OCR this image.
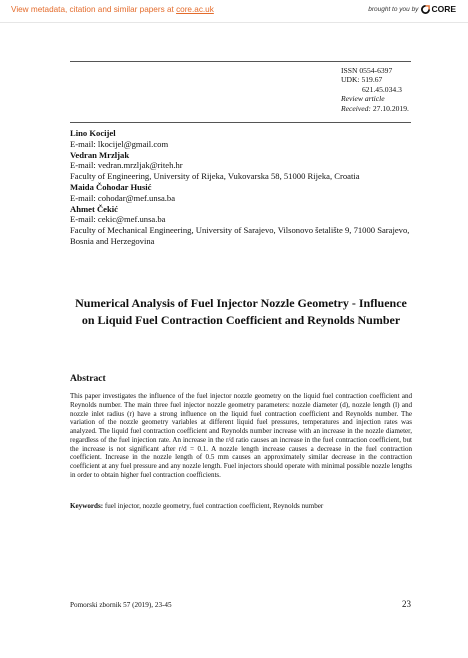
View metadata, citation and similar papers at core.ac.uk	brought to you by CORE
ISSN 0554-6397
UDK: 519.67
621.45.034.3
Review article
Received: 27.10.2019.
Lino Kocijel
E-mail: lkocijel@gmail.com
Vedran Mrzljak
E-mail: vedran.mrzljak@riteh.hr
Faculty of Engineering, University of Rijeka, Vukovarska 58, 51000 Rijeka, Croatia
Maida Čohodar Husić
E-mail: cohodar@mef.unsa.ba
Ahmet Čekić
E-mail: cekic@mef.unsa.ba
Faculty of Mechanical Engineering, University of Sarajevo, Vilsonovo šetalište 9, 71000 Sarajevo, Bosnia and Herzegovina
Numerical Analysis of Fuel Injector Nozzle Geometry - Influence on Liquid Fuel Contraction Coefficient and Reynolds Number
Abstract
This paper investigates the influence of the fuel injector nozzle geometry on the liquid fuel contraction coefficient and Reynolds number. The main three fuel injector nozzle geometry parameters: nozzle diameter (d), nozzle length (l) and nozzle inlet radius (r) have a strong influence on the liquid fuel contraction coefficient and Reynolds number. The variation of the nozzle geometry variables at different liquid fuel pressures, temperatures and injection rates was analyzed. The liquid fuel contraction coefficient and Reynolds number increase with an increase in the nozzle diameter, regardless of the fuel injection rate. An increase in the r/d ratio causes an increase in the fuel contraction coefficient, but the increase is not significant after r/d = 0.1. A nozzle length increase causes a decrease in the fuel contraction coefficient. Increase in the nozzle length of 0.5 mm causes an approximately similar decrease in the contraction coefficient at any fuel pressure and any nozzle length. Fuel injectors should operate with minimal possible nozzle lengths in order to obtain higher fuel contraction coefficients.
Keywords: fuel injector, nozzle geometry, fuel contraction coefficient, Reynolds number
Pomorski zbornik 57 (2019), 23-45	23
